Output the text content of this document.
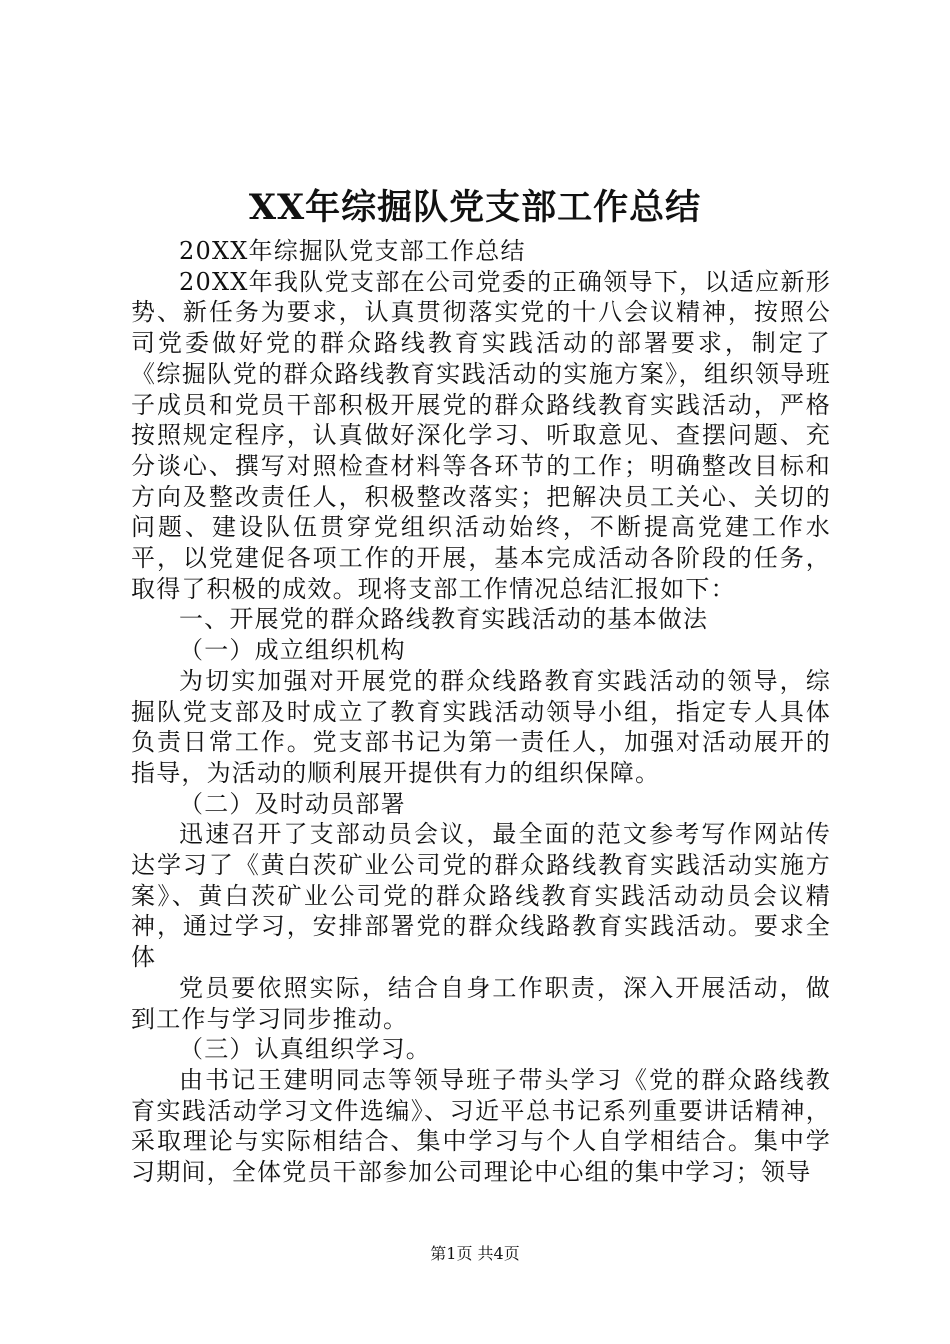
XX年综掘队党支部工作总结

20XX年综掘队党支部工作总结

20XX年我队党支部在公司党委的正确领导下，以适应新形势、新任务为要求，认真贯彻落实党的十八会议精神，按照公司党委做好党的群众路线教育实践活动的部署要求，制定了《综掘队党的群众路线教育实践活动的实施方案》，组织领导班子成员和党员干部积极开展党的群众路线教育实践活动，严格按照规定程序，认真做好深化学习、听取意见、查摆问题、充分谈心、撰写对照检查材料等各环节的工作；明确整改目标和方向及整改责任人，积极整改落实；把解决员工关心、关切的问题、建设队伍贯穿党组织活动始终，不断提高党建工作水平，以党建促各项工作的开展，基本完成活动各阶段的任务，取得了积极的成效。现将支部工作情况总结汇报如下：

一、开展党的群众路线教育实践活动的基本做法

（一）成立组织机构

为切实加强对开展党的群众线路教育实践活动的领导，综掘队党支部及时成立了教育实践活动领导小组，指定专人具体负责日常工作。党支部书记为第一责任人，加强对活动展开的指导，为活动的顺利展开提供有力的组织保障。

（二）及时动员部署

迅速召开了支部动员会议，最全面的范文参考写作网站传达学习了《黄白茨矿业公司党的群众路线教育实践活动实施方案》、黄白茨矿业公司党的群众路线教育实践活动动员会议精神，通过学习，安排部署党的群众线路教育实践活动。要求全体

党员要依照实际，结合自身工作职责，深入开展活动，做到工作与学习同步推动。

（三）认真组织学习。

由书记王建明同志等领导班子带头学习《党的群众路线教育实践活动学习文件选编》、习近平总书记系列重要讲话精神，采取理论与实际相结合、集中学习与个人自学相结合。集中学习期间，全体党员干部参加公司理论中心组的集中学习；领导

第1页 共4页
